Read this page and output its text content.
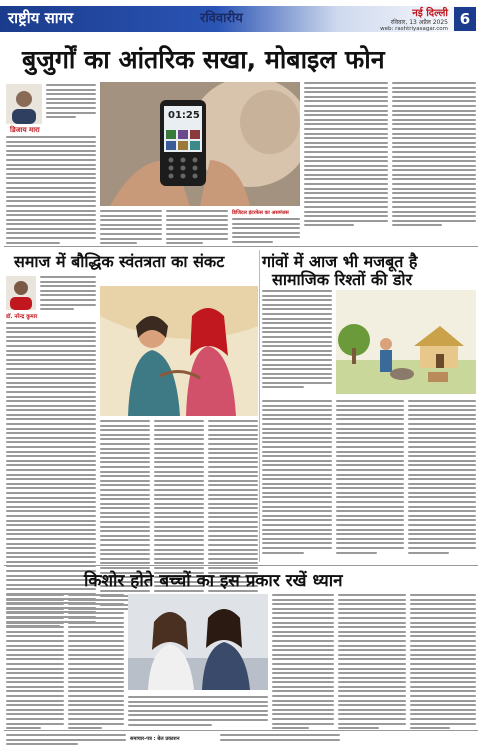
राष्ट्रीय सागर	रविवारीय	नई दिल्ली
रविवार, 13 अप्रैल 2025
web: rashtriyasagar.com
6
बुजुर्गों का आंतरिक सखा, मोबाइल फोन
डिजाय मारा
01:25
डिजिटल इंटरफेस का असमंजस
समाज में बौद्धिक स्वंतत्रता का संकट गांवों में आज भी मजबूत है
सामाजिक रिश्तों की डोर
डॉ. नरेन्द्र कुमार
किशोर होते बच्चों का इस प्रकार रखें ध्यान
समाचार-पत्र : बेल प्रकाशन
